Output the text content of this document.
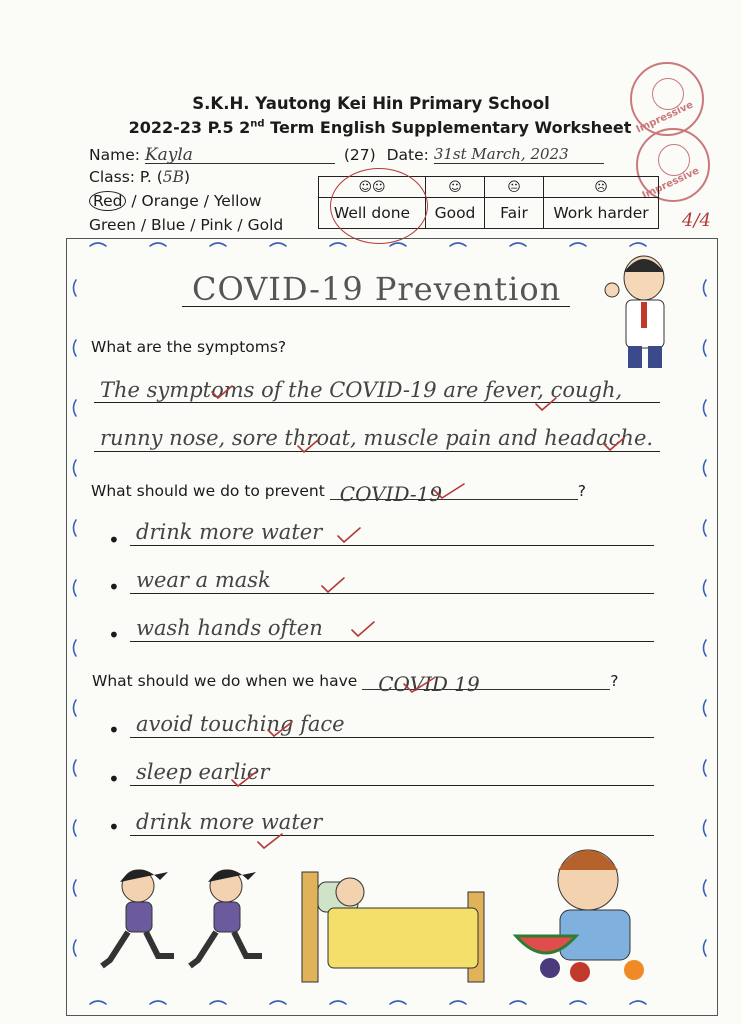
S.K.H. Yautong Kei Hin Primary School
2022-23 P.5 2nd Term English Supplementary Worksheet Impressive
Impressive
4/4
Name: Kayla	(27) Date: 31st March, 2023
Class: P. (5B)
Red / Orange / Yellow
Green / Blue / Pink / Gold
☺☺	☺	😐	☹
Well done	Good	Fair	Work harder
COVID-19 Prevention
What are the symptoms?
The symptoms of the COVID-19 are fever, cough,
runny nose, sore throat, muscle pain and headache.
What should we do to prevent COVID-19	?
• drink more water
• wear a mask
• wash hands often
What should we do when we have COVID 19	?
• avoid touching face
• sleep earlier
• drink more water
